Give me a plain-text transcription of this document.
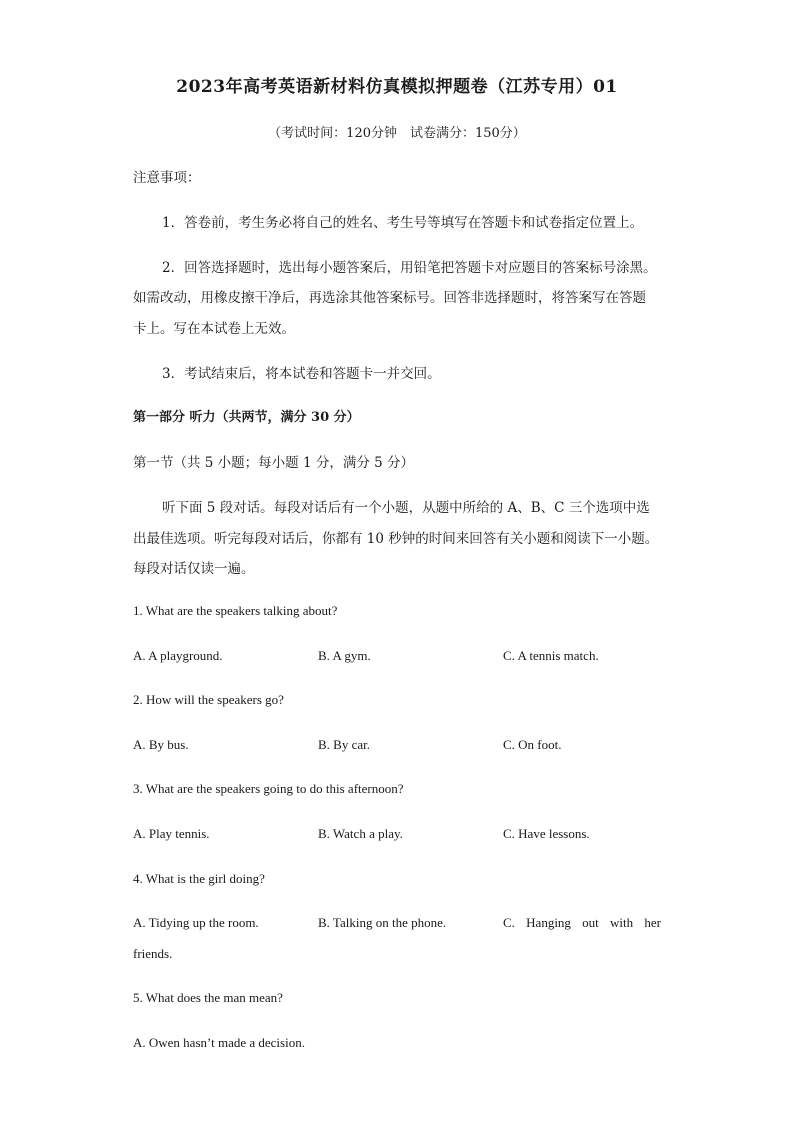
2023年高考英语新材料仿真模拟押题卷（江苏专用）01
（考试时间：120分钟　试卷满分：150分）
注意事项：
1．答卷前，考生务必将自己的姓名、考生号等填写在答题卡和试卷指定位置上。
2．回答选择题时，选出每小题答案后，用铅笔把答题卡对应题目的答案标号涂黑。
如需改动，用橡皮擦干净后，再选涂其他答案标号。回答非选择题时，将答案写在答题
卡上。写在本试卷上无效。
3．考试结束后，将本试卷和答题卡一并交回。
第一部分 听力（共两节，满分 30 分）
第一节（共 5 小题；每小题 1 分，满分 5 分）
听下面 5 段对话。每段对话后有一个小题，从题中所给的 A、B、C 三个选项中选
出最佳选项。听完每段对话后，你都有 10 秒钟的时间来回答有关小题和阅读下一小题。
每段对话仅读一遍。
1. What are the speakers talking about?
A. A playground.	B. A gym.	C. A tennis match.
2. How will the speakers go?
A. By bus.	B. By car.	C. On foot.
3. What are the speakers going to do this afternoon?
A. Play tennis.	B. Watch a play.	C. Have lessons.
4. What is the girl doing?
A. Tidying up the room.	B. Talking on the phone.	C. Hanging out with her
friends.
5. What does the man mean?
A. Owen hasn’t made a decision.
